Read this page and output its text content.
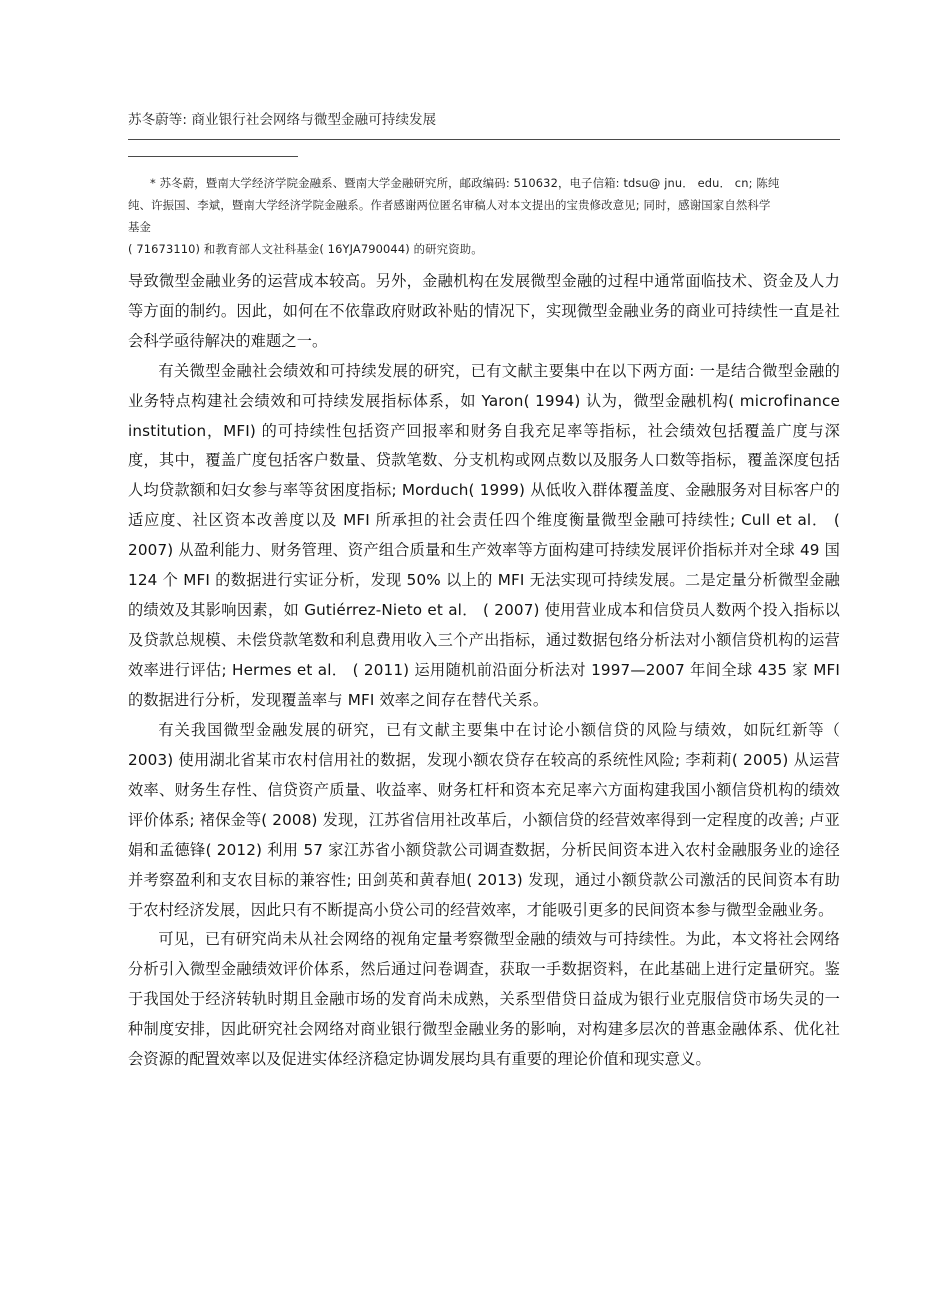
苏冬蔚等: 商业银行社会网络与微型金融可持续发展
* 苏冬蔚，暨南大学经济学院金融系、暨南大学金融研究所，邮政编码: 510632，电子信箱: tdsu@ jnu． edu． cn; 陈纯
纯、许振国、李斌，暨南大学经济学院金融系。作者感谢两位匿名审稿人对本文提出的宝贵修改意见; 同时，感谢国家自然科学
基金
( 71673110) 和教育部人文社科基金( 16YJA790044) 的研究资助。

导致微型金融业务的运营成本较高。另外，金融机构在发展微型金融的过程中通常面临技术、资金及人力等方面的制约。因此，如何在不依靠政府财政补贴的情况下，实现微型金融业务的商业可持续性一直是社会科学亟待解决的难题之一。

有关微型金融社会绩效和可持续发展的研究，已有文献主要集中在以下两方面: 一是结合微型金融的业务特点构建社会绩效和可持续发展指标体系，如 Yaron( 1994) 认为，微型金融机构( microfinance institution，MFI) 的可持续性包括资产回报率和财务自我充足率等指标，社会绩效包括覆盖广度与深度，其中，覆盖广度包括客户数量、贷款笔数、分支机构或网点数以及服务人口数等指标，覆盖深度包括人均贷款额和妇女参与率等贫困度指标; Morduch( 1999) 从低收入群体覆盖度、金融服务对目标客户的适应度、社区资本改善度以及 MFI 所承担的社会责任四个维度衡量微型金融可持续性; Cull et al． ( 2007) 从盈利能力、财务管理、资产组合质量和生产效率等方面构建可持续发展评价指标并对全球 49 国 124 个 MFI 的数据进行实证分析，发现 50% 以上的 MFI 无法实现可持续发展。二是定量分析微型金融的绩效及其影响因素，如 Gutiérrez-Nieto et al． ( 2007) 使用营业成本和信贷员人数两个投入指标以及贷款总规模、未偿贷款笔数和利息费用收入三个产出指标，通过数据包络分析法对小额信贷机构的运营效率进行评估; Hermes et al． ( 2011) 运用随机前沿面分析法对 1997—2007 年间全球 435 家 MFI 的数据进行分析，发现覆盖率与 MFI 效率之间存在替代关系。

有关我国微型金融发展的研究，已有文献主要集中在讨论小额信贷的风险与绩效，如阮红新等（ 2003) 使用湖北省某市农村信用社的数据，发现小额农贷存在较高的系统性风险; 李莉莉( 2005) 从运营效率、财务生存性、信贷资产质量、收益率、财务杠杆和资本充足率六方面构建我国小额信贷机构的绩效评价体系; 褚保金等( 2008) 发现，江苏省信用社改革后，小额信贷的经营效率得到一定程度的改善; 卢亚娟和孟德锋( 2012) 利用 57 家江苏省小额贷款公司调查数据，分析民间资本进入农村金融服务业的途径并考察盈利和支农目标的兼容性; 田剑英和黄春旭( 2013) 发现，通过小额贷款公司激活的民间资本有助于农村经济发展，因此只有不断提高小贷公司的经营效率，才能吸引更多的民间资本参与微型金融业务。

可见，已有研究尚未从社会网络的视角定量考察微型金融的绩效与可持续性。为此，本文将社会网络分析引入微型金融绩效评价体系，然后通过问卷调查，获取一手数据资料，在此基础上进行定量研究。鉴于我国处于经济转轨时期且金融市场的发育尚未成熟，关系型借贷日益成为银行业克服信贷市场失灵的一种制度安排，因此研究社会网络对商业银行微型金融业务的影响，对构建多层次的普惠金融体系、优化社会资源的配置效率以及促进实体经济稳定协调发展均具有重要的理论价值和现实意义。
